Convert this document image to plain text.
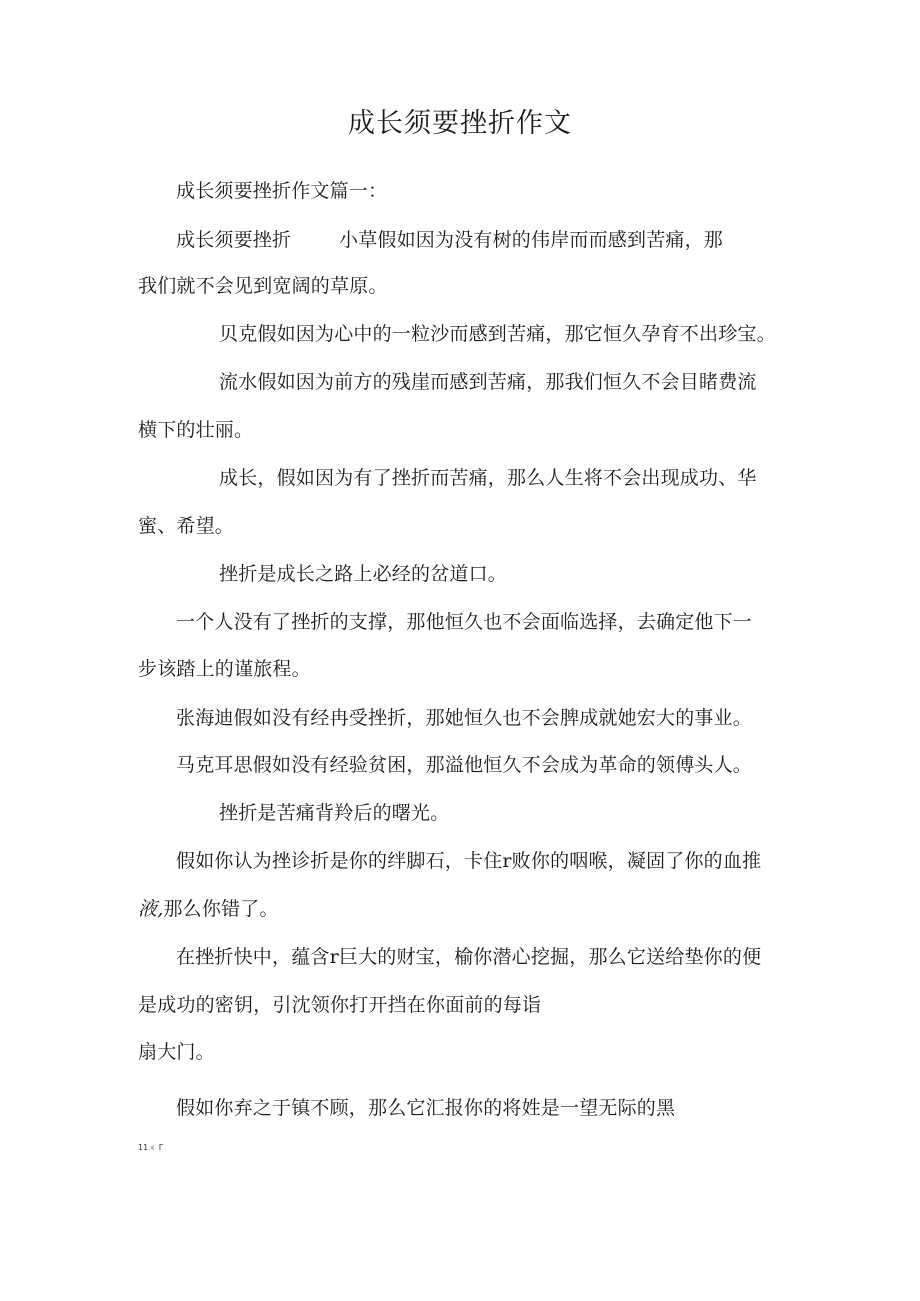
成长须要挫折作文
成长须要挫折作文篇一：
成长须要挫折	小草假如因为没有树的伟岸而而感到苦痛，那
我们就不会见到宽阔的草原。
贝克假如因为心中的一粒沙而感到苦痛，那它恒久孕育不出珍宝。
流水假如因为前方的残崖而感到苦痛，那我们恒久不会目睹费流
横下的壮丽。
成长，假如因为有了挫折而苦痛，那么人生将不会出现成功、华
蜜、希望。
挫折是成长之路上必经的岔道口。
一个人没有了挫折的支撑，那他恒久也不会面临选择，去确定他下一
步该踏上的谨旅程。
张海迪假如没有经冉受挫折，那她恒久也不会脾成就她宏大的事业。
马克耳思假如没有经验贫困，那溢他恒久不会成为革命的领傅头人。
挫折是苦痛背羚后的曙光。
假如你认为挫诊折是你的绊脚石，卡住r败你的咽喉，凝固了你的血推
液,那么你错了。
在挫折快中，蕴含r巨大的财宝，榆你潜心挖掘，那么它送给垫你的便
是成功的密钥，引沈领你打开挡在你面前的每诣
扇大门。
假如你弃之于镇不顾，那么它汇报你的将姓是一望无际的黑
11ㄨ Γ
